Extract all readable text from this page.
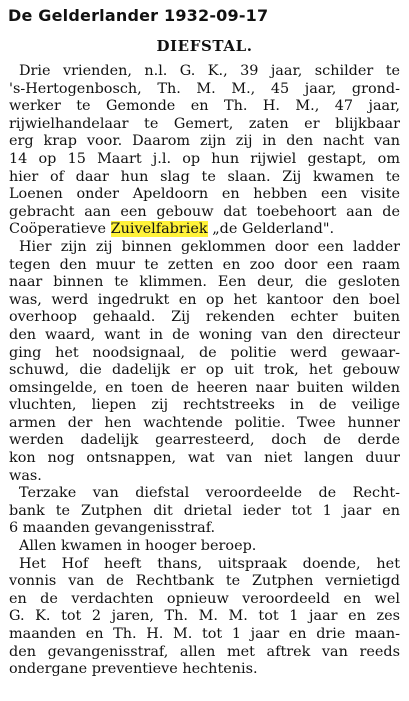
De Gelderlander 1932-09-17
DIEFSTAL.
Drie vrienden, n.l. G. K., 39 jaar, schilder te
's-Hertogenbosch, Th. M. M., 45 jaar, grond-
werker te Gemonde en Th. H. M., 47 jaar,
rijwielhandelaar te Gemert, zaten er blijkbaar
erg krap voor. Daarom zijn zij in den nacht van
14 op 15 Maart j.l. op hun rijwiel gestapt, om
hier of daar hun slag te slaan. Zij kwamen te
Loenen onder Apeldoorn en hebben een visite
gebracht aan een gebouw dat toebehoort aan de
Coöperatieve Zuivelfabriek „de Gelderland".
Hier zijn zij binnen geklommen door een ladder
tegen den muur te zetten en zoo door een raam
naar binnen te klimmen. Een deur, die gesloten
was, werd ingedrukt en op het kantoor den boel
overhoop gehaald. Zij rekenden echter buiten
den waard, want in de woning van den directeur
ging het noodsignaal, de politie werd gewaar-
schuwd, die dadelijk er op uit trok, het gebouw
omsingelde, en toen de heeren naar buiten wilden
vluchten, liepen zij rechtstreeks in de veilige
armen der hen wachtende politie. Twee hunner
werden dadelijk gearresteerd, doch de derde
kon nog ontsnappen, wat van niet langen duur
was.
Terzake van diefstal veroordeelde de Recht-
bank te Zutphen dit drietal ieder tot 1 jaar en
6 maanden gevangenisstraf.
Allen kwamen in hooger beroep.
Het Hof heeft thans, uitspraak doende, het
vonnis van de Rechtbank te Zutphen vernietigd
en de verdachten opnieuw veroordeeld en wel
G. K. tot 2 jaren, Th. M. M. tot 1 jaar en zes
maanden en Th. H. M. tot 1 jaar en drie maan-
den gevangenisstraf, allen met aftrek van reeds
ondergane preventieve hechtenis.
